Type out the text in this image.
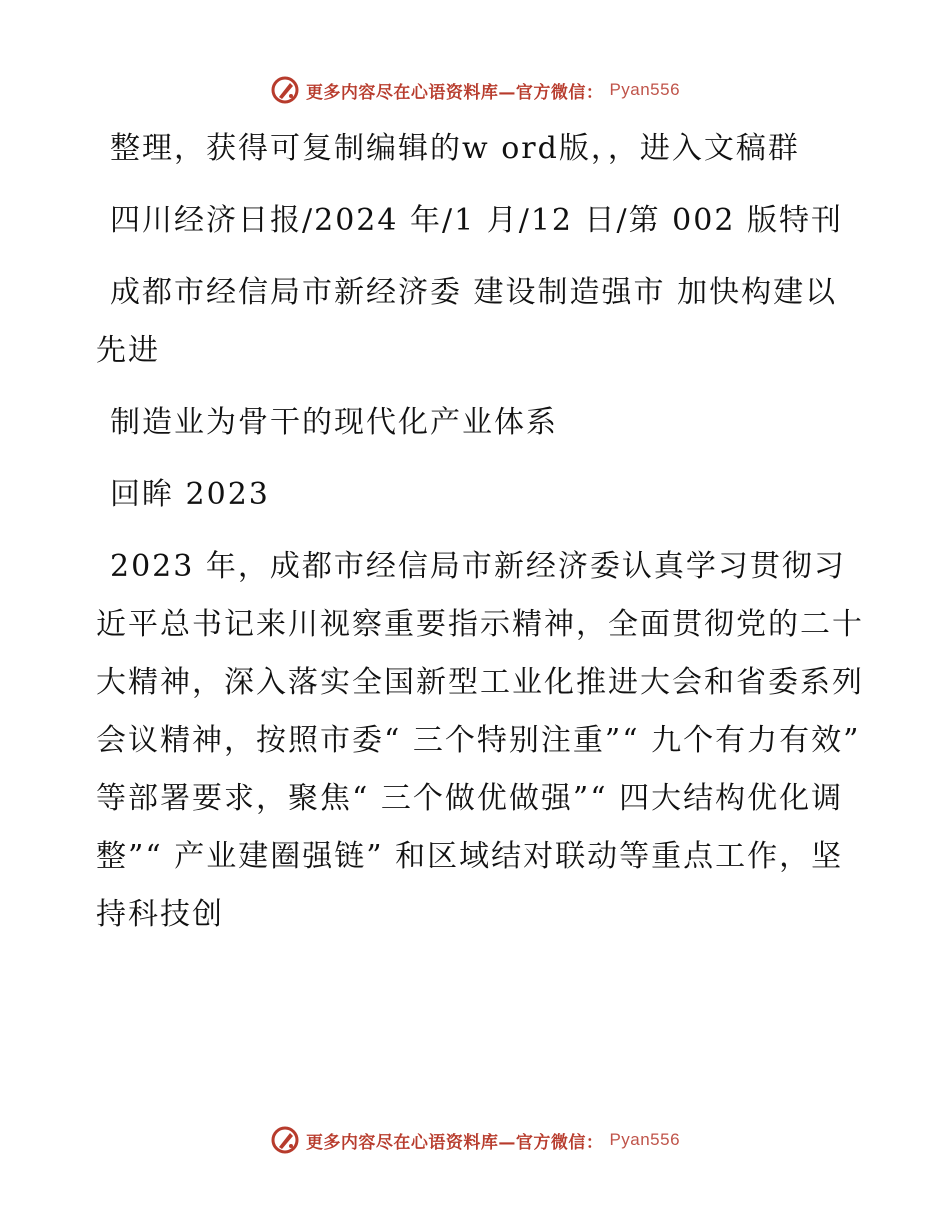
更多内容尽在心语资料库—官方微信： Pyan556

整理，获得可复制编辑的w ord版，，进入文稿群

四川经济日报/2024 年/1 月/12 日/第 002 版特刊

成都市经信局市新经济委 建设制造强市 加快构建以先进

制造业为骨干的现代化产业体系

回眸 2023

2023 年，成都市经信局市新经济委认真学习贯彻习近平总书记来川视察重要指示精神，全面贯彻党的二十大精神，深入落实全国新型工业化推进大会和省委系列会议精神，按照市委“ 三个特别注重”“ 九个有力有效” 等部署要求，聚焦“ 三个做优做强”“ 四大结构优化调整”“ 产业建圈强链” 和区域结对联动等重点工作，坚持科技创

更多内容尽在心语资料库—官方微信： Pyan556
